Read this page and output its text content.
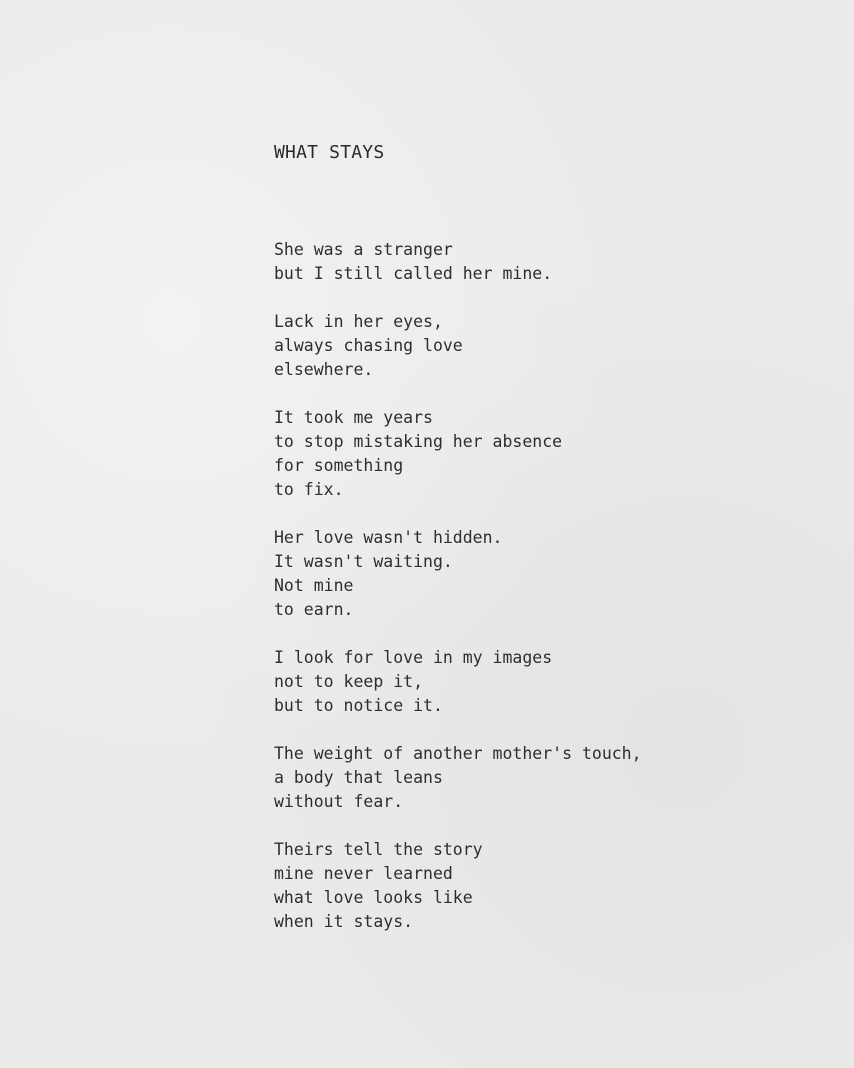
WHAT STAYS
She was a stranger
but I still called her mine.
Lack in her eyes,
always chasing love
elsewhere.
It took me years
to stop mistaking her absence
for something
to fix.
Her love wasn't hidden.
It wasn't waiting.
Not mine
to earn.
I look for love in my images
not to keep it,
but to notice it.
The weight of another mother's touch,
a body that leans
without fear.
Theirs tell the story
mine never learned
what love looks like
when it stays.
